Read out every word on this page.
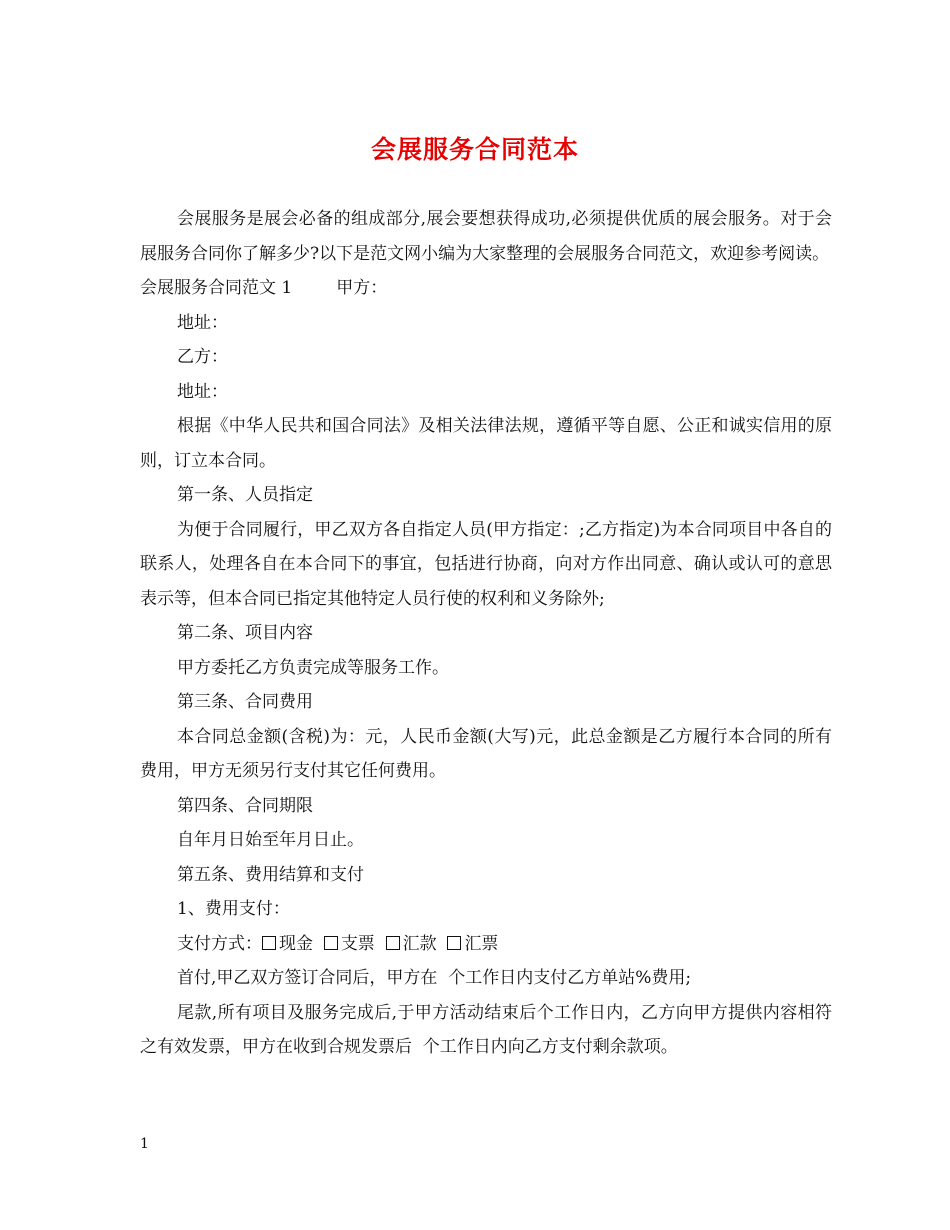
会展服务合同范本

会展服务是展会必备的组成部分,展会要想获得成功,必须提供优质的展会服务。对于会展服务合同你了解多少?以下是范文网小编为大家整理的会展服务合同范文，欢迎参考阅读。

会展服务合同范文 1	甲方：

地址：

乙方：

地址：

根据《中华人民共和国合同法》及相关法律法规，遵循平等自愿、公正和诚实信用的原则，订立本合同。

第一条、人员指定

为便于合同履行，甲乙双方各自指定人员(甲方指定：;乙方指定)为本合同项目中各自的联系人，处理各自在本合同下的事宜，包括进行协商，向对方作出同意、确认或认可的意思表示等，但本合同已指定其他特定人员行使的权利和义务除外;

第二条、项目内容

甲方委托乙方负责完成等服务工作。

第三条、合同费用

本合同总金额(含税)为：元，人民币金额(大写)元，此总金额是乙方履行本合同的所有费用，甲方无须另行支付其它任何费用。

第四条、合同期限

自年月日始至年月日止。

第五条、费用结算和支付

1、费用支付：

支付方式： 现金 支票 汇款 汇票

首付,甲乙双方签订合同后，甲方在  个工作日内支付乙方单站%费用;

尾款,所有项目及服务完成后,于甲方活动结束后个工作日内，乙方向甲方提供内容相符之有效发票，甲方在收到合规发票后  个工作日内向乙方支付剩余款项。

1
